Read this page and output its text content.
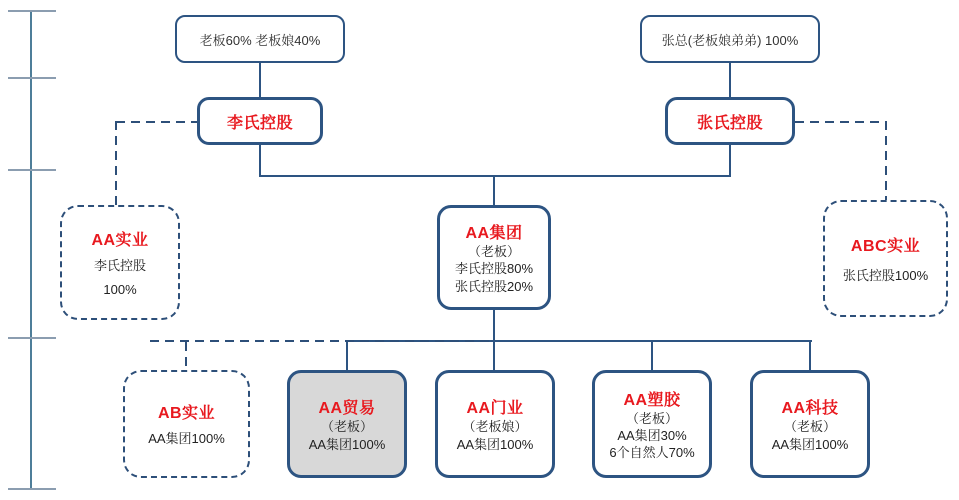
老板60% 老板娘40%	张总(老板娘弟弟) 100%
李氏控股	张氏控股
AA实业
李氏控股
100%
AA集团
（老板）
李氏控股80%
张氏控股20%
ABC实业
张氏控股100%
AB实业
AA集团100%
AA贸易
（老板）
AA集团100%
AA门业
（老板娘）
AA集团100%
AA塑胶
（老板）
AA集团30%
6个自然人70%
AA科技
（老板）
AA集团100%
